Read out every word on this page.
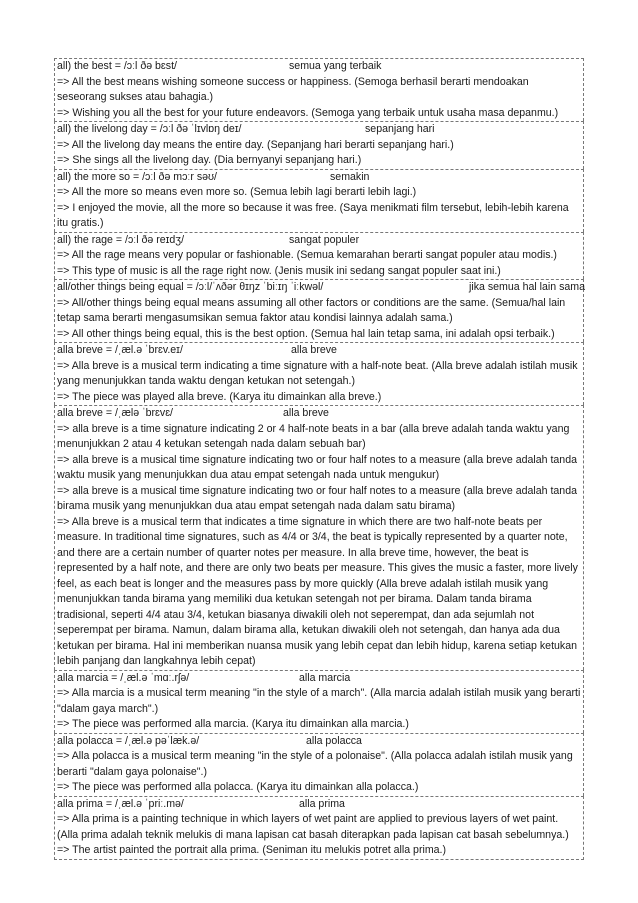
all) the best = /ɔːl ðə bɛst/	semua yang terbaik
=> All the best means wishing someone success or happiness. (Semoga berhasil berarti mendoakan seseorang sukses atau bahagia.)
=> Wishing you all the best for your future endeavors. (Semoga yang terbaik untuk usaha masa depanmu.)
all) the livelong day = /ɔːl ðə ˈlɪvlɒŋ deɪ/	sepanjang hari
=> All the livelong day means the entire day. (Sepanjang hari berarti sepanjang hari.)
=> She sings all the livelong day. (Dia bernyanyi sepanjang hari.)
all) the more so = /ɔːl ðə mɔːr səʊ/	semakin
=> All the more so means even more so. (Semua lebih lagi berarti lebih lagi.)
=> I enjoyed the movie, all the more so because it was free. (Saya menikmati film tersebut, lebih-lebih karena itu gratis.)
all) the rage = /ɔːl ðə reɪdʒ/	sangat populer
=> All the rage means very popular or fashionable. (Semua kemarahan berarti sangat populer atau modis.)
=> This type of music is all the rage right now. (Jenis musik ini sedang sangat populer saat ini.)
all/other things being equal = /ɔːl/ˈʌðər θɪŋz ˈbiːɪŋ ˈiːkwəl/	jika semua hal lain sama
=> All/other things being equal means assuming all other factors or conditions are the same. (Semua/hal lain tetap sama berarti mengasumsikan semua faktor atau kondisi lainnya adalah sama.)
=> All other things being equal, this is the best option. (Semua hal lain tetap sama, ini adalah opsi terbaik.)
alla breve = /ˌæl.ə ˈbrɛv.eɪ/	alla breve
=> Alla breve is a musical term indicating a time signature with a half-note beat. (Alla breve adalah istilah musik yang menunjukkan tanda waktu dengan ketukan not setengah.)
=> The piece was played alla breve. (Karya itu dimainkan alla breve.)
alla breve = /ˌælə ˈbrɛvɛ/	alla breve
=> alla breve is a time signature indicating 2 or 4 half-note beats in a bar (alla breve adalah tanda waktu yang menunjukkan 2 atau 4 ketukan setengah nada dalam sebuah bar)
=> alla breve is a musical time signature indicating two or four half notes to a measure (alla breve adalah tanda waktu musik yang menunjukkan dua atau empat setengah nada untuk mengukur)
=> alla breve is a musical time signature indicating two or four half notes to a measure (alla breve adalah tanda birama musik yang menunjukkan dua atau empat setengah nada dalam satu birama)
=> Alla breve is a musical term that indicates a time signature in which there are two half-note beats per measure. In traditional time signatures, such as 4/4 or 3/4, the beat is typically represented by a quarter note, and there are a certain number of quarter notes per measure. In alla breve time, however, the beat is represented by a half note, and there are only two beats per measure. This gives the music a faster, more lively feel, as each beat is longer and the measures pass by more quickly (Alla breve adalah istilah musik yang menunjukkan tanda birama yang memiliki dua ketukan setengah not per birama. Dalam tanda birama tradisional, seperti 4/4 atau 3/4, ketukan biasanya diwakili oleh not seperempat, dan ada sejumlah not seperempat per birama. Namun, dalam birama alla, ketukan diwakili oleh not setengah, dan hanya ada dua ketukan per birama. Hal ini memberikan nuansa musik yang lebih cepat dan lebih hidup, karena setiap ketukan lebih panjang dan langkahnya lebih cepat)
alla marcia = /ˌæl.ə ˈmɑː.rʃə/	alla marcia
=> Alla marcia is a musical term meaning "in the style of a march". (Alla marcia adalah istilah musik yang berarti "dalam gaya march".)
=> The piece was performed alla marcia. (Karya itu dimainkan alla marcia.)
alla polacca = /ˌæl.ə pəˈlæk.ə/	alla polacca
=> Alla polacca is a musical term meaning "in the style of a polonaise". (Alla polacca adalah istilah musik yang berarti "dalam gaya polonaise".)
=> The piece was performed alla polacca. (Karya itu dimainkan alla polacca.)
alla prima = /ˌæl.ə ˈpriː.mə/	alla prima
=> Alla prima is a painting technique in which layers of wet paint are applied to previous layers of wet paint. (Alla prima adalah teknik melukis di mana lapisan cat basah diterapkan pada lapisan cat basah sebelumnya.)
=> The artist painted the portrait alla prima. (Seniman itu melukis potret alla prima.)
